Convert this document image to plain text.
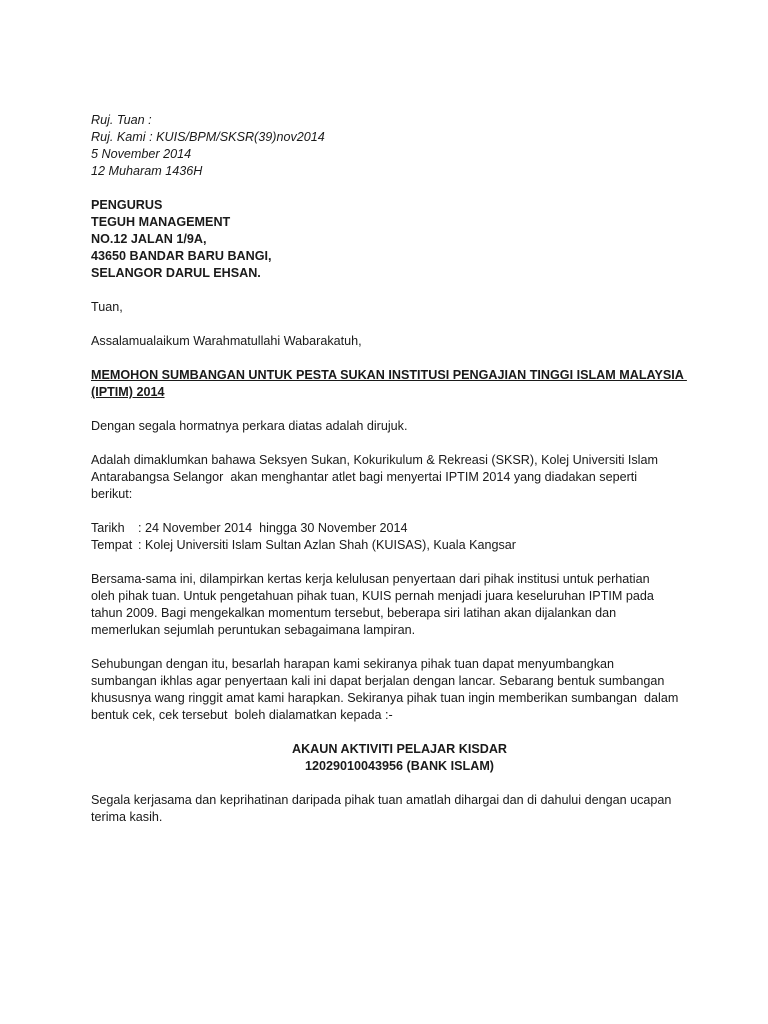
Ruj. Tuan :
Ruj. Kami : KUIS/BPM/SKSR(39)nov2014
5 November 2014
12 Muharam 1436H
PENGURUS
TEGUH MANAGEMENT
NO.12 JALAN 1/9A,
43650 BANDAR BARU BANGI,
SELANGOR DARUL EHSAN.
Tuan,
Assalamualaikum Warahmatullahi Wabarakatuh,
MEMOHON SUMBANGAN UNTUK PESTA SUKAN INSTITUSI PENGAJIAN TINGGI ISLAM MALAYSIA
(IPTIM) 2014
Dengan segala hormatnya perkara diatas adalah dirujuk.
Adalah dimaklumkan bahawa Seksyen Sukan, Kokurikulum & Rekreasi (SKSR), Kolej Universiti Islam
Antarabangsa Selangor  akan menghantar atlet bagi menyertai IPTIM 2014 yang diadakan seperti
berikut:
Tarikh : 24 November 2014  hingga 30 November 2014
Tempat : Kolej Universiti Islam Sultan Azlan Shah (KUISAS), Kuala Kangsar
Bersama-sama ini, dilampirkan kertas kerja kelulusan penyertaan dari pihak institusi untuk perhatian
oleh pihak tuan. Untuk pengetahuan pihak tuan, KUIS pernah menjadi juara keseluruhan IPTIM pada
tahun 2009. Bagi mengekalkan momentum tersebut, beberapa siri latihan akan dijalankan dan
memerlukan sejumlah peruntukan sebagaimana lampiran.
Sehubungan dengan itu, besarlah harapan kami sekiranya pihak tuan dapat menyumbangkan
sumbangan ikhlas agar penyertaan kali ini dapat berjalan dengan lancar. Sebarang bentuk sumbangan
khususnya wang ringgit amat kami harapkan. Sekiranya pihak tuan ingin memberikan sumbangan  dalam
bentuk cek, cek tersebut  boleh dialamatkan kepada :-
AKAUN AKTIVITI PELAJAR KISDAR
12029010043956 (BANK ISLAM)
Segala kerjasama dan keprihatinan daripada pihak tuan amatlah dihargai dan di dahului dengan ucapan
terima kasih.
